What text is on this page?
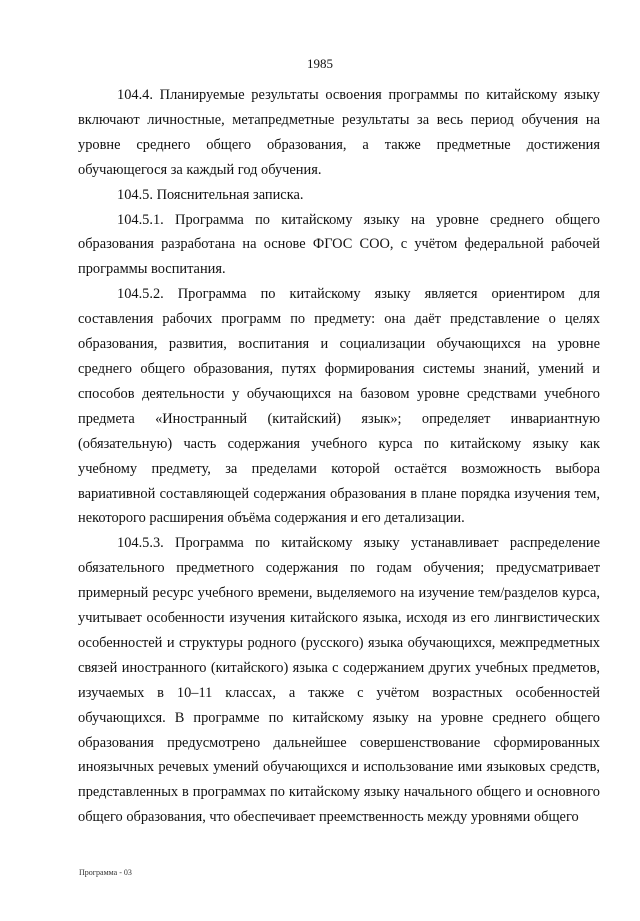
1985

104.4. Планируемые результаты освоения программы по китайскому языку включают личностные, метапредметные результаты за весь период обучения на уровне среднего общего образования, а также предметные достижения обучающегося за каждый год обучения.

104.5. Пояснительная записка.

104.5.1. Программа по китайскому языку на уровне среднего общего образования разработана на основе ФГОС СОО, с учётом федеральной рабочей программы воспитания.

104.5.2. Программа по китайскому языку является ориентиром для составления рабочих программ по предмету: она даёт представление о целях образования, развития, воспитания и социализации обучающихся на уровне среднего общего образования, путях формирования системы знаний, умений и способов деятельности у обучающихся на базовом уровне средствами учебного предмета «Иностранный (китайский) язык»; определяет инвариантную (обязательную) часть содержания учебного курса по китайскому языку как учебному предмету, за пределами которой остаётся возможность выбора вариативной составляющей содержания образования в плане порядка изучения тем, некоторого расширения объёма содержания и его детализации.

104.5.3. Программа по китайскому языку устанавливает распределение обязательного предметного содержания по годам обучения; предусматривает примерный ресурс учебного времени, выделяемого на изучение тем/разделов курса, учитывает особенности изучения китайского языка, исходя из его лингвистических особенностей и структуры родного (русского) языка обучающихся, межпредметных связей иностранного (китайского) языка с содержанием других учебных предметов, изучаемых в 10–11 классах, а также с учётом возрастных особенностей обучающихся. В программе по китайскому языку на уровне среднего общего образования предусмотрено дальнейшее совершенствование сформированных иноязычных речевых умений обучающихся и использование ими языковых средств, представленных в программах по китайскому языку начального общего и основного общего образования, что обеспечивает преемственность между уровнями общего

Программа - 03
